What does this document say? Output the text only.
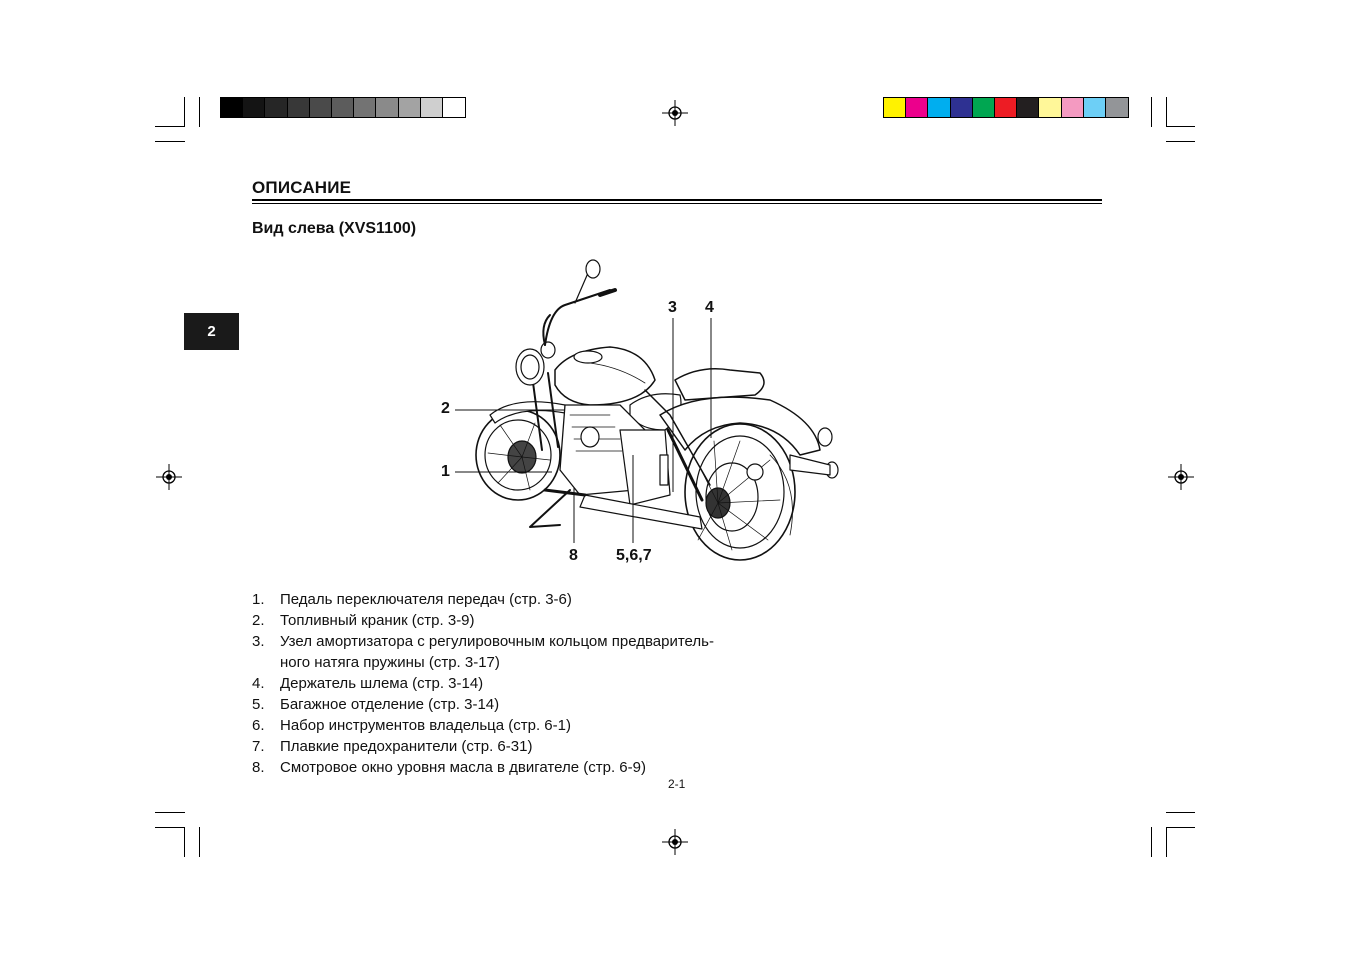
ОПИСАНИЕ
Вид слева (XVS1100)
2
1
2
3 4
8 5,6,7
1. Педаль переключателя передач (стр. 3-6)
2. Топливный краник (стр. 3-9)
3. Узел амортизатора с регулировочным кольцом предваритель-
ного натяга пружины (стр. 3-17)
4. Держатель шлема (стр. 3-14)
5. Багажное отделение (стр. 3-14)
6. Набор инструментов владельца (стр. 6-1)
7. Плавкие предохранители (стр. 6-31)
8. Смотровое окно уровня масла в двигателе (стр. 6-9)
2-1
